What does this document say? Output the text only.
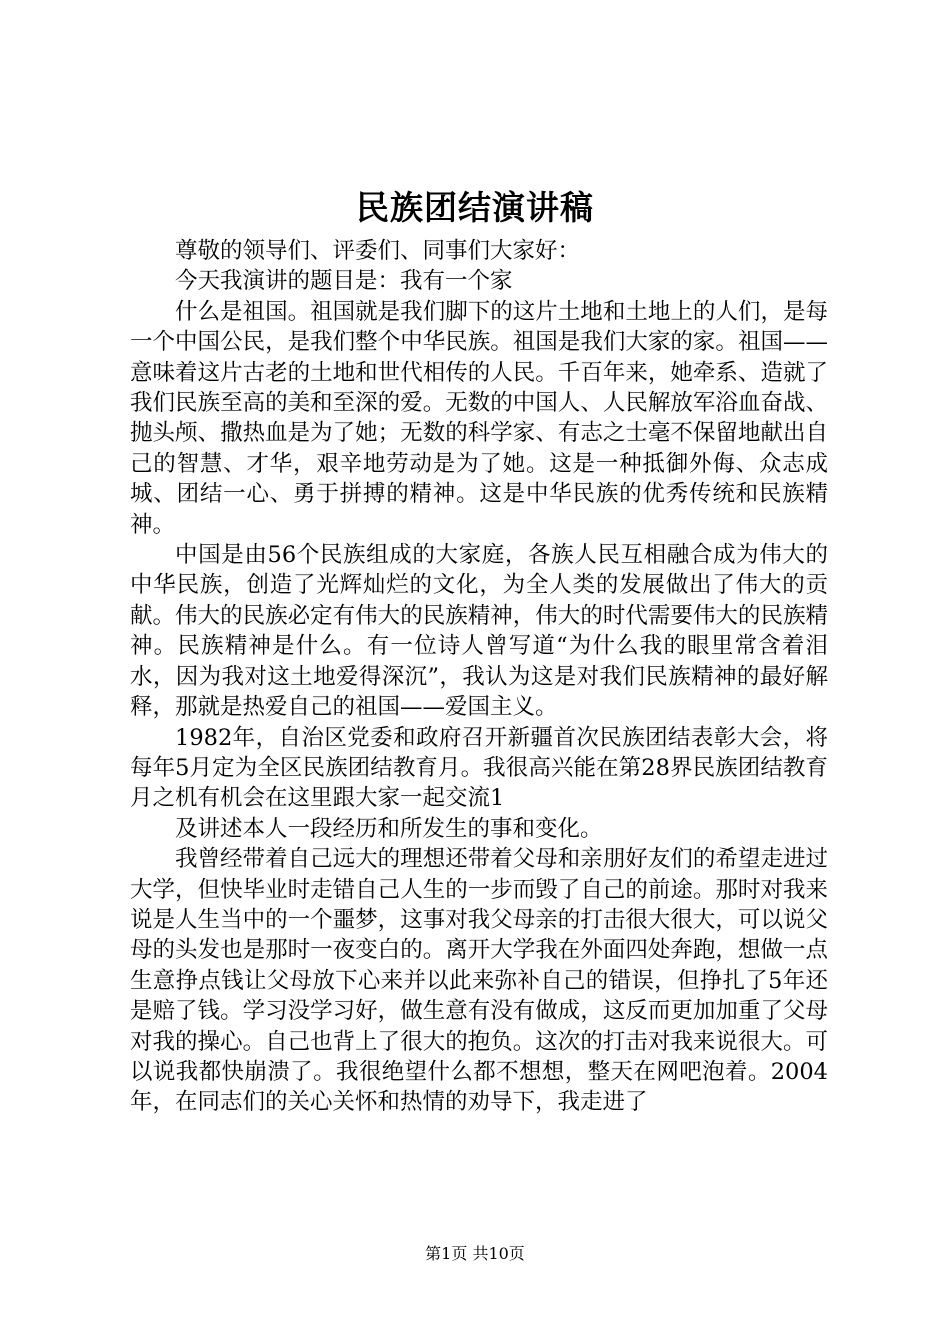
民族团结演讲稿

尊敬的领导们、评委们、同事们大家好：

今天我演讲的题目是：我有一个家

什么是祖国。祖国就是我们脚下的这片土地和土地上的人们，是每一个中国公民，是我们整个中华民族。祖国是我们大家的家。祖国——意味着这片古老的土地和世代相传的人民。千百年来，她牵系、造就了我们民族至高的美和至深的爱。无数的中国人、人民解放军浴血奋战、抛头颅、撒热血是为了她；无数的科学家、有志之士毫不保留地献出自己的智慧、才华，艰辛地劳动是为了她。这是一种抵御外侮、众志成城、团结一心、勇于拼搏的精神。这是中华民族的优秀传统和民族精神。

中国是由56个民族组成的大家庭，各族人民互相融合成为伟大的中华民族，创造了光辉灿烂的文化，为全人类的发展做出了伟大的贡献。伟大的民族必定有伟大的民族精神，伟大的时代需要伟大的民族精神。民族精神是什么。有一位诗人曾写道“为什么我的眼里常含着泪水，因为我对这土地爱得深沉”，我认为这是对我们民族精神的最好解释，那就是热爱自己的祖国——爱国主义。

1982年，自治区党委和政府召开新疆首次民族团结表彰大会，将每年5月定为全区民族团结教育月。我很高兴能在第28界民族团结教育月之机有机会在这里跟大家一起交流1

及讲述本人一段经历和所发生的事和变化。

我曾经带着自己远大的理想还带着父母和亲朋好友们的希望走进过大学，但快毕业时走错自己人生的一步而毁了自己的前途。那时对我来说是人生当中的一个噩梦，这事对我父母亲的打击很大很大，可以说父母的头发也是那时一夜变白的。离开大学我在外面四处奔跑，想做一点生意挣点钱让父母放下心来并以此来弥补自己的错误，但挣扎了5年还是赔了钱。学习没学习好，做生意有没有做成，这反而更加加重了父母对我的操心。自己也背上了很大的抱负。这次的打击对我来说很大。可以说我都快崩溃了。我很绝望什么都不想想，整天在网吧泡着。2004年，在同志们的关心关怀和热情的劝导下，我走进了

第1页 共10页
